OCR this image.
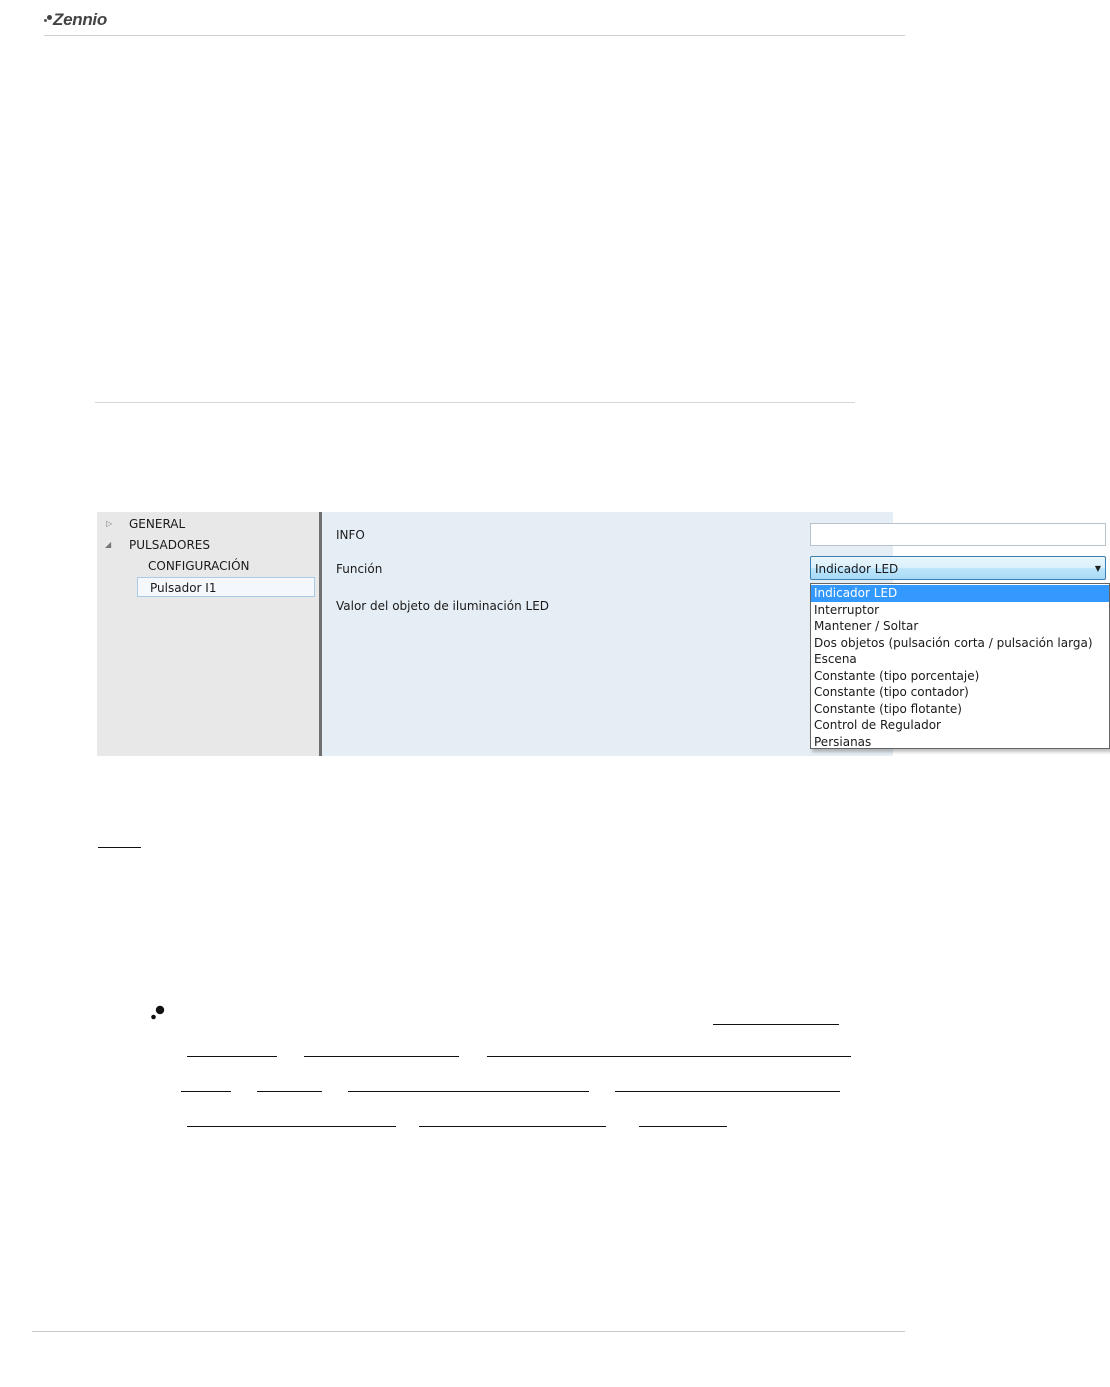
Zennio
▷ GENERAL
◢ PULSADORES
CONFIGURACIÓN
Pulsador I1
INFO
Función	Indicador LED	▼
Valor del objeto de iluminación LED
Indicador LED
Interruptor
Mantener / Soltar
Dos objetos (pulsación corta / pulsación larga)
Escena
Constante (tipo porcentaje)
Constante (tipo contador)
Constante (tipo flotante)
Control de Regulador
Persianas
